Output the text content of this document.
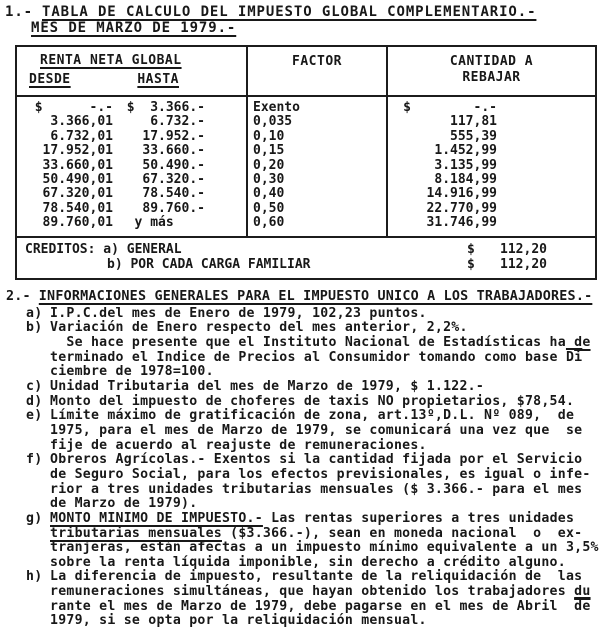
1.- TABLA DE CALCULO DEL IMPUESTO GLOBAL COMPLEMENTARIO.-
MES DE MARZO DE 1979.-
RENTA NETA GLOBAL
DESDE	HASTA
FACTOR	CANTIDAD A
REBAJAR
$      -.-	$  3.366.-	Exento	$        -.-
3.366,01	6.732.-	0,035	117,81
6.732,01	17.952.-	0,10	555,39
17.952,01	33.660.-	0,15	1.452,99
33.660,01	50.490.-	0,20	3.135,99
50.490,01	67.320.-	0,30	8.184,99
67.320,01	78.540.-	0,40	14.916,99
78.540,01	89.760.-	0,50	22.770,99
89.760,01	y más	0,60	31.746,99
CREDITOS: a) GENERAL	$	112,20
b) POR CADA CARGA FAMILIAR	$	112,20
2.- INFORMACIONES GENERALES PARA EL IMPUESTO UNICO A LOS TRABAJADORES.-
a) I.P.C.del mes de Enero de 1979, 102,23 puntos.
b) Variación de Enero respecto del mes anterior, 2,2%.
Se hace presente que el Instituto Nacional de Estadísticas ha de
terminado el Indice de Precios al Consumidor tomando como base $\overline{Di}$
ciembre de 1978=100.
c) Unidad Tributaria del mes de Marzo de 1979, $ 1.122.-
d) Monto del impuesto de choferes de taxis NO propietarios, $78,54.
e) Límite máximo de gratificación de zona, art.13º,D.L. Nº 089,  de
1975, para el mes de Marzo de 1979, se comunicará una vez que  se
fije de acuerdo al reajuste de remuneraciones.
f) Obreros Agrícolas.- Exentos si la cantidad fijada por el Servicio
de Seguro Social, para los efectos previsionales, es igual o infe-
rior a tres unidades tributarias mensuales ($ 3.366.- para el mes
de Marzo de 1979).
g) MONTO MINIMO DE IMPUESTO.- Las rentas superiores a tres unidades
tributarias mensuales ($3.366.-), sean en moneda nacional  o  ex-
tranjeras, están afectas a un impuesto mínimo equivalente a un 3,5%
sobre la renta líquida imponible, sin derecho a crédito alguno.
h) La diferencia de impuesto, resultante de la reliquidación de  las
remuneraciones simultáneas, que hayan obtenido los trabajadores du
rante el mes de Marzo de 1979, debe pagarse en el mes de Abril  $\overline{de}$
1979, si se opta por la reliquidación mensual.
